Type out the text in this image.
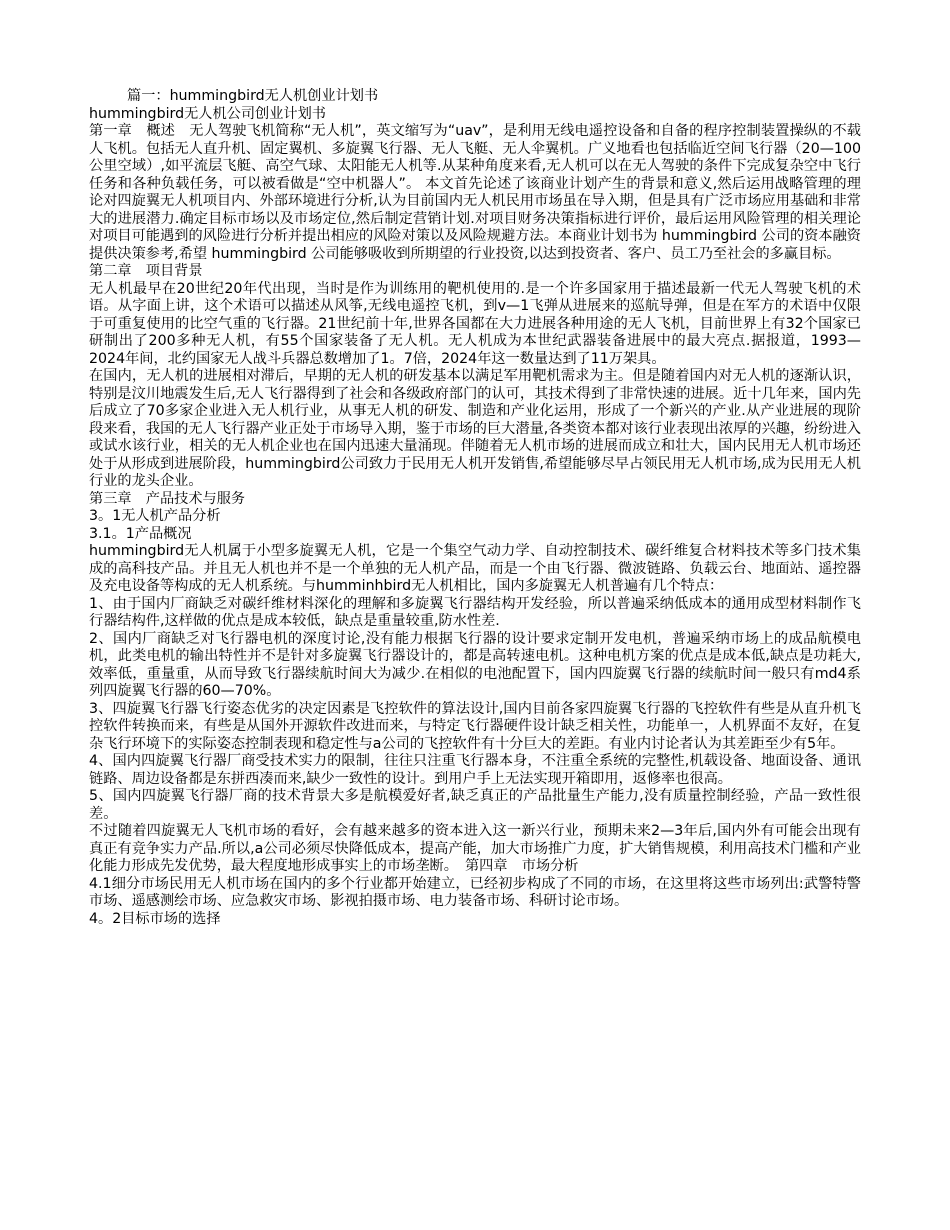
篇一：hummingbird无人机创业计划书

hummingbird无人机公司创业计划书

第一章　概述　无人驾驶飞机简称“无人机”，英文缩写为“uav”，是利用无线电遥控设备和自备的程序控制装置操纵的不载人飞机。包括无人直升机、固定翼机、多旋翼飞行器、无人飞艇、无人伞翼机。广义地看也包括临近空间飞行器（20—100公里空域）,如平流层飞艇、高空气球、太阳能无人机等.从某种角度来看,无人机可以在无人驾驶的条件下完成复杂空中飞行任务和各种负载任务，可以被看做是“空中机器人”。 本文首先论述了该商业计划产生的背景和意义,然后运用战略管理的理论对四旋翼无人机项目内、外部环境进行分析,认为目前国内无人机民用市场虽在导入期，但是具有广泛市场应用基础和非常大的进展潜力.确定目标市场以及市场定位,然后制定营销计划.对项目财务决策指标进行评价，最后运用风险管理的相关理论对项目可能遇到的风险进行分析并提出相应的风险对策以及风险规避方法。本商业计划书为 hummingbird 公司的资本融资提供决策参考,希望 hummingbird 公司能够吸收到所期望的行业投资,以达到投资者、客户、员工乃至社会的多赢目标。

第二章　项目背景

无人机最早在20世纪20年代出现，当时是作为训练用的靶机使用的.是一个许多国家用于描述最新一代无人驾驶飞机的术语。从字面上讲，这个术语可以描述从风筝,无线电遥控飞机，到v—1飞弹从进展来的巡航导弹，但是在军方的术语中仅限于可重复使用的比空气重的飞行器。21世纪前十年,世界各国都在大力进展各种用途的无人飞机，目前世界上有32个国家已研制出了200多种无人机，有55个国家装备了无人机。无人机成为本世纪武器装备进展中的最大亮点.据报道，1993—2024年间，北约国家无人战斗兵器总数增加了1。7倍，2024年这一数量达到了11万架具。

在国内，无人机的进展相对滞后，早期的无人机的研发基本以满足军用靶机需求为主。但是随着国内对无人机的逐渐认识，特别是汶川地震发生后,无人飞行器得到了社会和各级政府部门的认可，其技术得到了非常快速的进展。近十几年来，国内先后成立了70多家企业进入无人机行业，从事无人机的研发、制造和产业化运用，形成了一个新兴的产业.从产业进展的现阶段来看，我国的无人飞行器产业正处于市场导入期，鉴于市场的巨大潜量,各类资本都对该行业表现出浓厚的兴趣，纷纷进入或试水该行业，相关的无人机企业也在国内迅速大量涌现。伴随着无人机市场的进展而成立和壮大，国内民用无人机市场还处于从形成到进展阶段，hummingbird公司致力于民用无人机开发销售,希望能够尽早占领民用无人机市场,成为民用无人机行业的龙头企业。

第三章　产品技术与服务

3。1无人机产品分析

3.1。1产品概况

hummingbird无人机属于小型多旋翼无人机，它是一个集空气动力学、自动控制技术、碳纤维复合材料技术等多门技术集成的高科技产品。并且无人机也并不是一个单独的无人机产品，而是一个由飞行器、微波链路、负载云台、地面站、遥控器及充电设备等构成的无人机系统。与humminhbird无人机相比，国内多旋翼无人机普遍有几个特点：

1、由于国内厂商缺乏对碳纤维材料深化的理解和多旋翼飞行器结构开发经验，所以普遍采纳低成本的通用成型材料制作飞行器结构件,这样做的优点是成本较低，缺点是重量较重,防水性差.

2、国内厂商缺乏对飞行器电机的深度讨论,没有能力根据飞行器的设计要求定制开发电机，普遍采纳市场上的成品航模电机，此类电机的输出特性并不是针对多旋翼飞行器设计的，都是高转速电机。这种电机方案的优点是成本低,缺点是功耗大,效率低，重量重，从而导致飞行器续航时间大为减少.在相似的电池配置下，国内四旋翼飞行器的续航时间一般只有md4系列四旋翼飞行器的60—70%。

3、四旋翼飞行器飞行姿态优劣的决定因素是飞控软件的算法设计,国内目前各家四旋翼飞行器的飞控软件有些是从直升机飞控软件转换而来，有些是从国外开源软件改进而来，与特定飞行器硬件设计缺乏相关性，功能单一，人机界面不友好，在复杂飞行环境下的实际姿态控制表现和稳定性与a公司的飞控软件有十分巨大的差距。有业内讨论者认为其差距至少有5年。

4、国内四旋翼飞行器厂商受技术实力的限制，往往只注重飞行器本身，不注重全系统的完整性,机载设备、地面设备、通讯链路、周边设备都是东拼西凑而来,缺少一致性的设计。到用户手上无法实现开箱即用，返修率也很高。

5、国内四旋翼飞行器厂商的技术背景大多是航模爱好者,缺乏真正的产品批量生产能力,没有质量控制经验，产品一致性很差。

不过随着四旋翼无人飞机市场的看好，会有越来越多的资本进入这一新兴行业，预期未来2—3年后,国内外有可能会出现有真正有竞争实力产品.所以,a公司必须尽快降低成本，提高产能，加大市场推广力度，扩大销售规模，利用高技术门槛和产业化能力形成先发优势，最大程度地形成事实上的市场垄断。　第四章　市场分析

4.1细分市场民用无人机市场在国内的多个行业都开始建立，已经初步构成了不同的市场，在这里将这些市场列出:武警特警市场、遥感测绘市场、应急救灾市场、影视拍摄市场、电力装备市场、科研讨论市场。

4。2目标市场的选择
